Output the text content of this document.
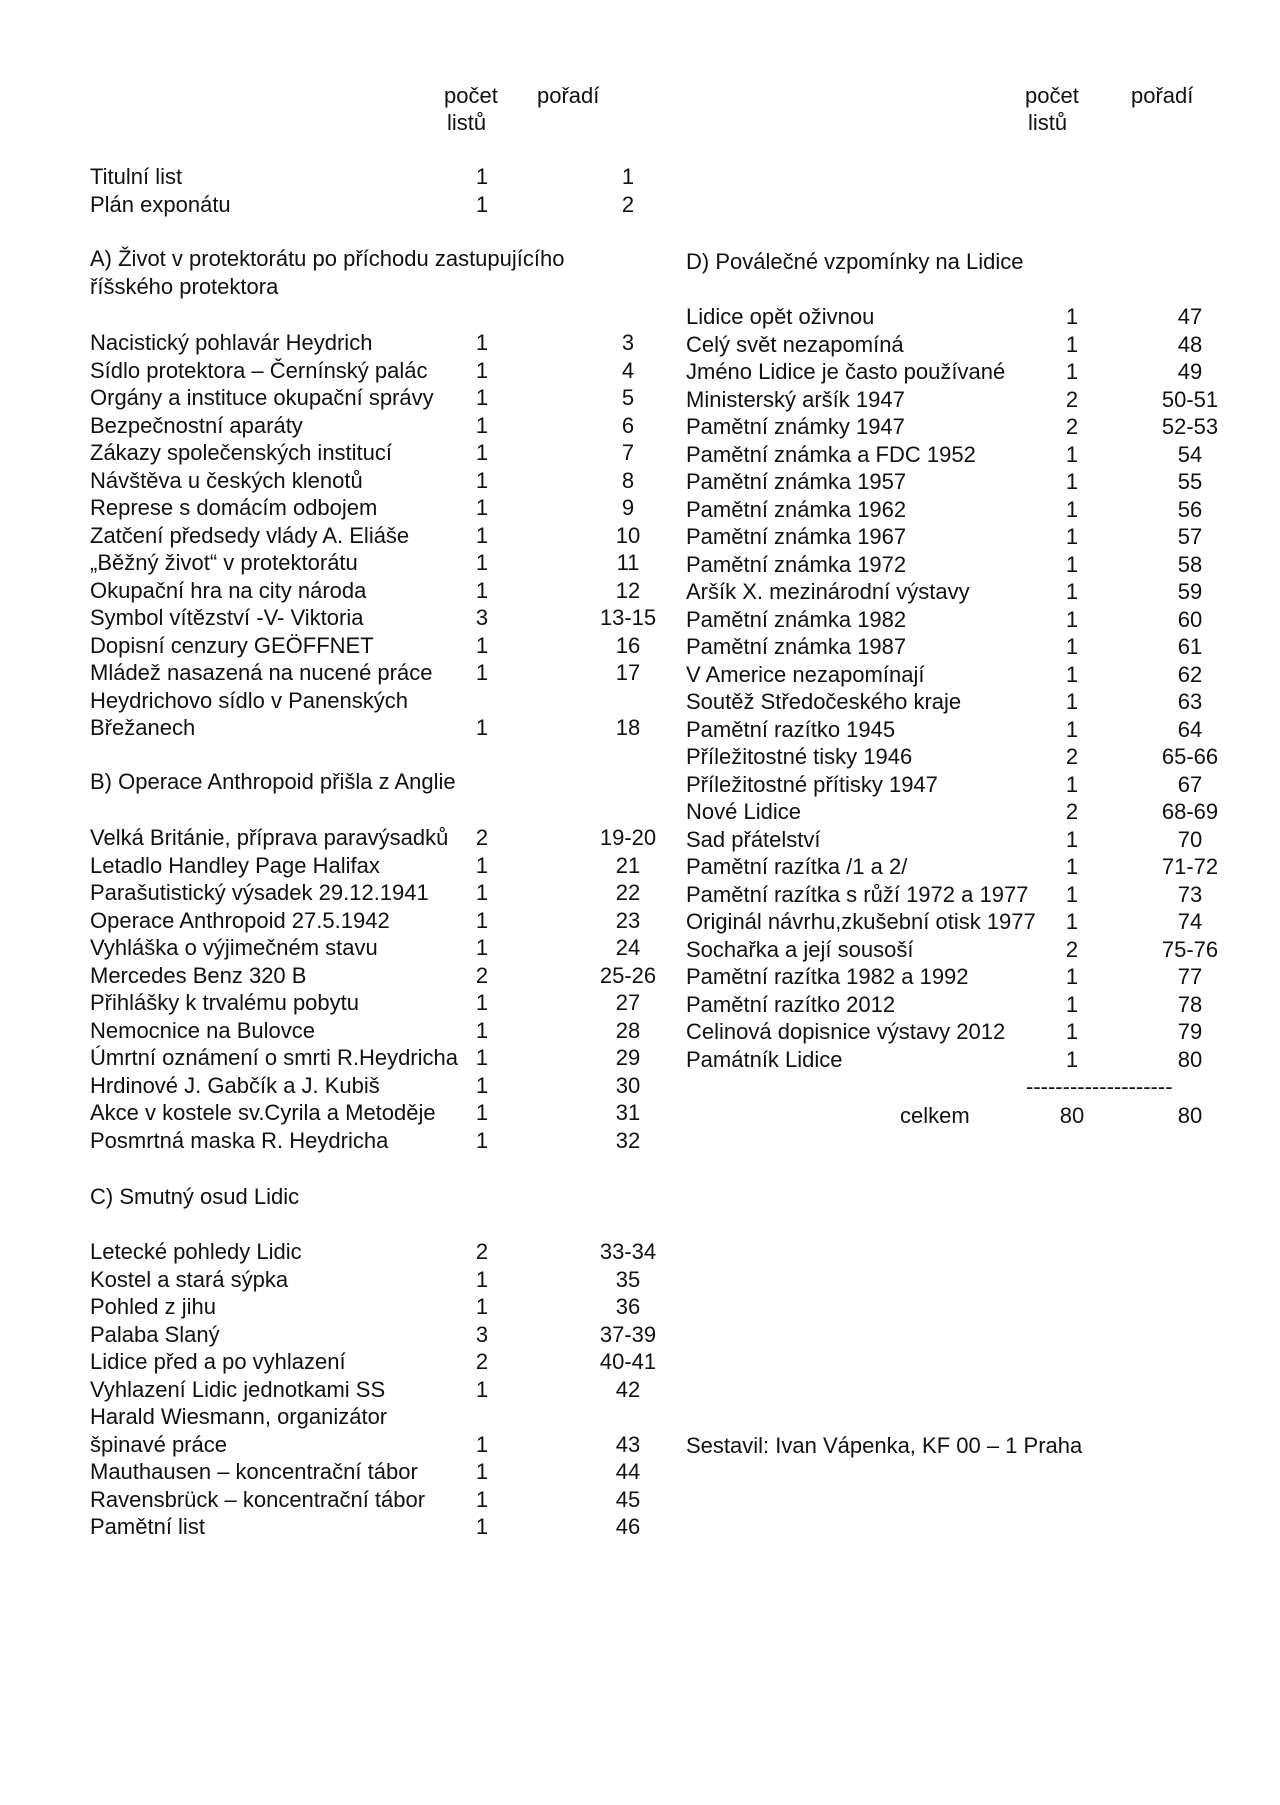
počet pořadí
listů
Titulní list	1	1
Plán exponátu	1	2
A) Život v protektorátu po příchodu zastupujícího
říšského protektora
Nacistický pohlavár Heydrich	1	3
Sídlo protektora – Černínský palác	1	4
Orgány a instituce okupační správy	1	5
Bezpečnostní aparáty	1	6
Zákazy společenských institucí	1	7
Návštěva u českých klenotů	1	8
Represe s domácím odbojem	1	9
Zatčení předsedy vlády A. Eliáše	1	10
„Běžný život“ v protektorátu	1	11
Okupační hra na city národa	1	12
Symbol vítězství -V- Viktoria	3	13-15
Dopisní cenzury GEÖFFNET	1	16
Mládež nasazená na nucené práce	1	17
Heydrichovo sídlo v Panenských
Břežanech	1	18
B) Operace Anthropoid přišla z Anglie
Velká Británie, příprava paravýsadků	2	19-20
Letadlo Handley Page Halifax	1	21
Parašutistický výsadek 29.12.1941	1	22
Operace Anthropoid 27.5.1942	1	23
Vyhláška o výjimečném stavu	1	24
Mercedes Benz 320 B	2	25-26
Přihlášky k trvalému pobytu	1	27
Nemocnice na Bulovce	1	28
Úmrtní oznámení o smrti R.Heydricha 1	29
Hrdinové J. Gabčík a J. Kubiš	1	30
Akce v kostele sv.Cyrila a Metoděje	1	31
Posmrtná maska R. Heydricha	1	32
C) Smutný osud Lidic
Letecké pohledy Lidic	2	33-34
Kostel a stará sýpka	1	35
Pohled z jihu	1	36
Palaba Slaný	3	37-39
Lidice před a po vyhlazení	2	40-41
Vyhlazení Lidic jednotkami SS	1	42
Harald Wiesmann, organizátor
špinavé práce	1	43
Mauthausen – koncentrační tábor	1	44
Ravensbrück – koncentrační tábor	1	45
Pamětní list	1	46
počet pořadí
listů
D) Poválečné vzpomínky na Lidice
Lidice opět oživnou	1	47
Celý svět nezapomíná	1	48
Jméno Lidice je často používané	1	49
Ministerský aršík 1947	2	50-51
Pamětní známky 1947	2	52-53
Pamětní známka a FDC 1952	1	54
Pamětní známka 1957	1	55
Pamětní známka 1962	1	56
Pamětní známka 1967	1	57
Pamětní známka 1972	1	58
Aršík X. mezinárodní výstavy	1	59
Pamětní známka 1982	1	60
Pamětní známka 1987	1	61
V Americe nezapomínají	1	62
Soutěž Středočeského kraje	1	63
Pamětní razítko 1945	1	64
Příležitostné tisky 1946	2	65-66
Příležitostné přítisky 1947	1	67
Nové Lidice	2	68-69
Sad přátelství	1	70
Pamětní razítka /1 a 2/	1	71-72
Pamětní razítka s růží 1972 a 1977	1	73
Originál návrhu,zkušební otisk 1977	1	74
Sochařka a její sousoší	2	75-76
Pamětní razítka 1982 a 1992	1	77
Pamětní razítko 2012	1	78
Celinová dopisnice výstavy 2012	1	79
Památník Lidice	1	80
--------------------
celkem	80	80
Sestavil: Ivan Vápenka, KF 00 – 1 Praha
